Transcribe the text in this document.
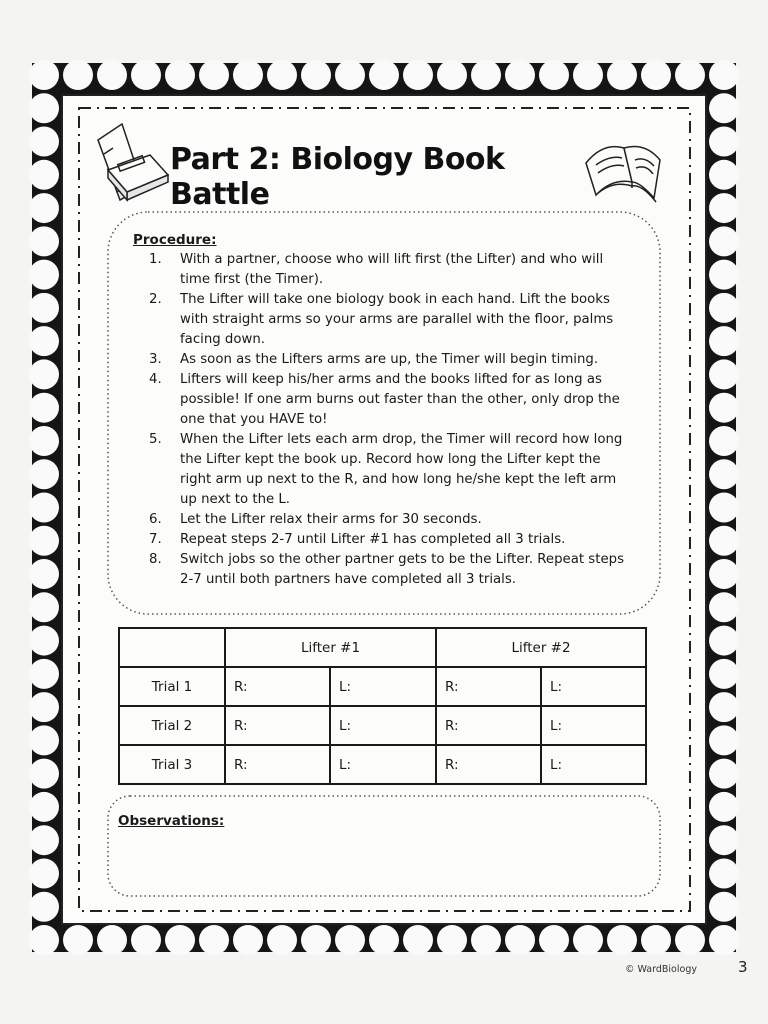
Part 2: Biology Book Battle
Procedure :
1.	With a partner, choose who will lift first (the Lifter) and who will time first (the Timer).
2.	The Lifter will take one biology book in each hand. Lift the books with straight arms so your arms are parallel with the floor, palms facing down.
3.	As soon as the Lifters arms are up, the Timer will begin timing.
4.	Lifters will keep his/her arms and the books lifted for as long as possible! If one arm burns out faster than the other, only drop the one that you HAVE to!
5.	When the Lifter lets each arm drop, the Timer will record how long the Lifter kept the book up. Record how long the Lifter kept the right arm up next to the R, and how long he/she kept the left arm up next to the L.
6.	Let the Lifter relax their arms for 30 seconds.
7.	Repeat steps 2-7 until Lifter #1 has completed all 3 trials.
8.	Switch jobs so the other partner gets to be the Lifter. Repeat steps 2-7 until both partners have completed all 3 trials.
	Lifter #1		Lifter #2	
Trial 1	R:	L:	R:	L:
Trial 2	R:	L:	R:	L:
Trial 3	R:	L:	R:	L:
Observations :
© WardBiology	3
